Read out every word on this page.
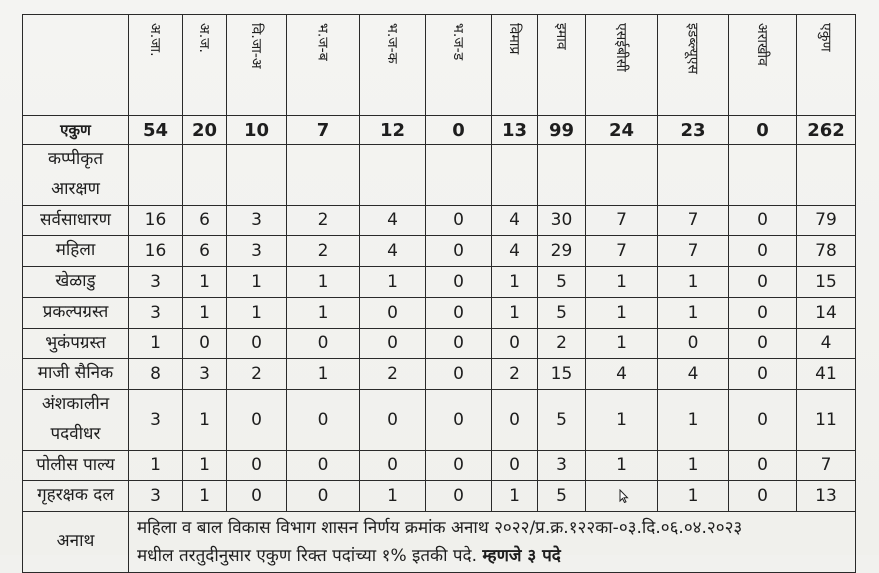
	अ.जा.	अ.ज.	वि.जा-अ	भ.ज-ब	भ.ज-क	भ.ज-ड	विमाप्र	इमाव	एसईबीसी	इडब्ल्यूएस	अराखीव	एकुण
एकुण	54	20	10	7	12	0	13	99	24	23	0	262
कप्पीकृत आरक्षण												
सर्वसाधारण	16	6	3	2	4	0	4	30	7	7	0	79
महिला	16	6	3	2	4	0	4	29	7	7	0	78
खेळाडु	3	1	1	1	1	0	1	5	1	1	0	15
प्रकल्पग्रस्त	3	1	1	1	0	0	1	5	1	1	0	14
भुकंपग्रस्त	1	0	0	0	0	0	0	2	1	0	0	4
माजी सैनिक	8	3	2	1	2	0	2	15	4	4	0	41
अंशकालीन पदवीधर	3	1	0	0	0	0	0	5	1	1	0	11
पोलीस पाल्य	1	1	0	0	0	0	0	3	1	1	0	7
गृहरक्षक दल	3	1	0	0	1	0	1	5		1	0	13
अनाथ	महिला व बाल विकास विभाग शासन निर्णय क्रमांक अनाथ २०२२/प्र.क्र.१२२का-०३.दि.०६.०४.२०२३
मधील तरतुदीनुसार एकुण रिक्त पदांच्या १% इतकी पदे. म्हणजे ३ पदे											
